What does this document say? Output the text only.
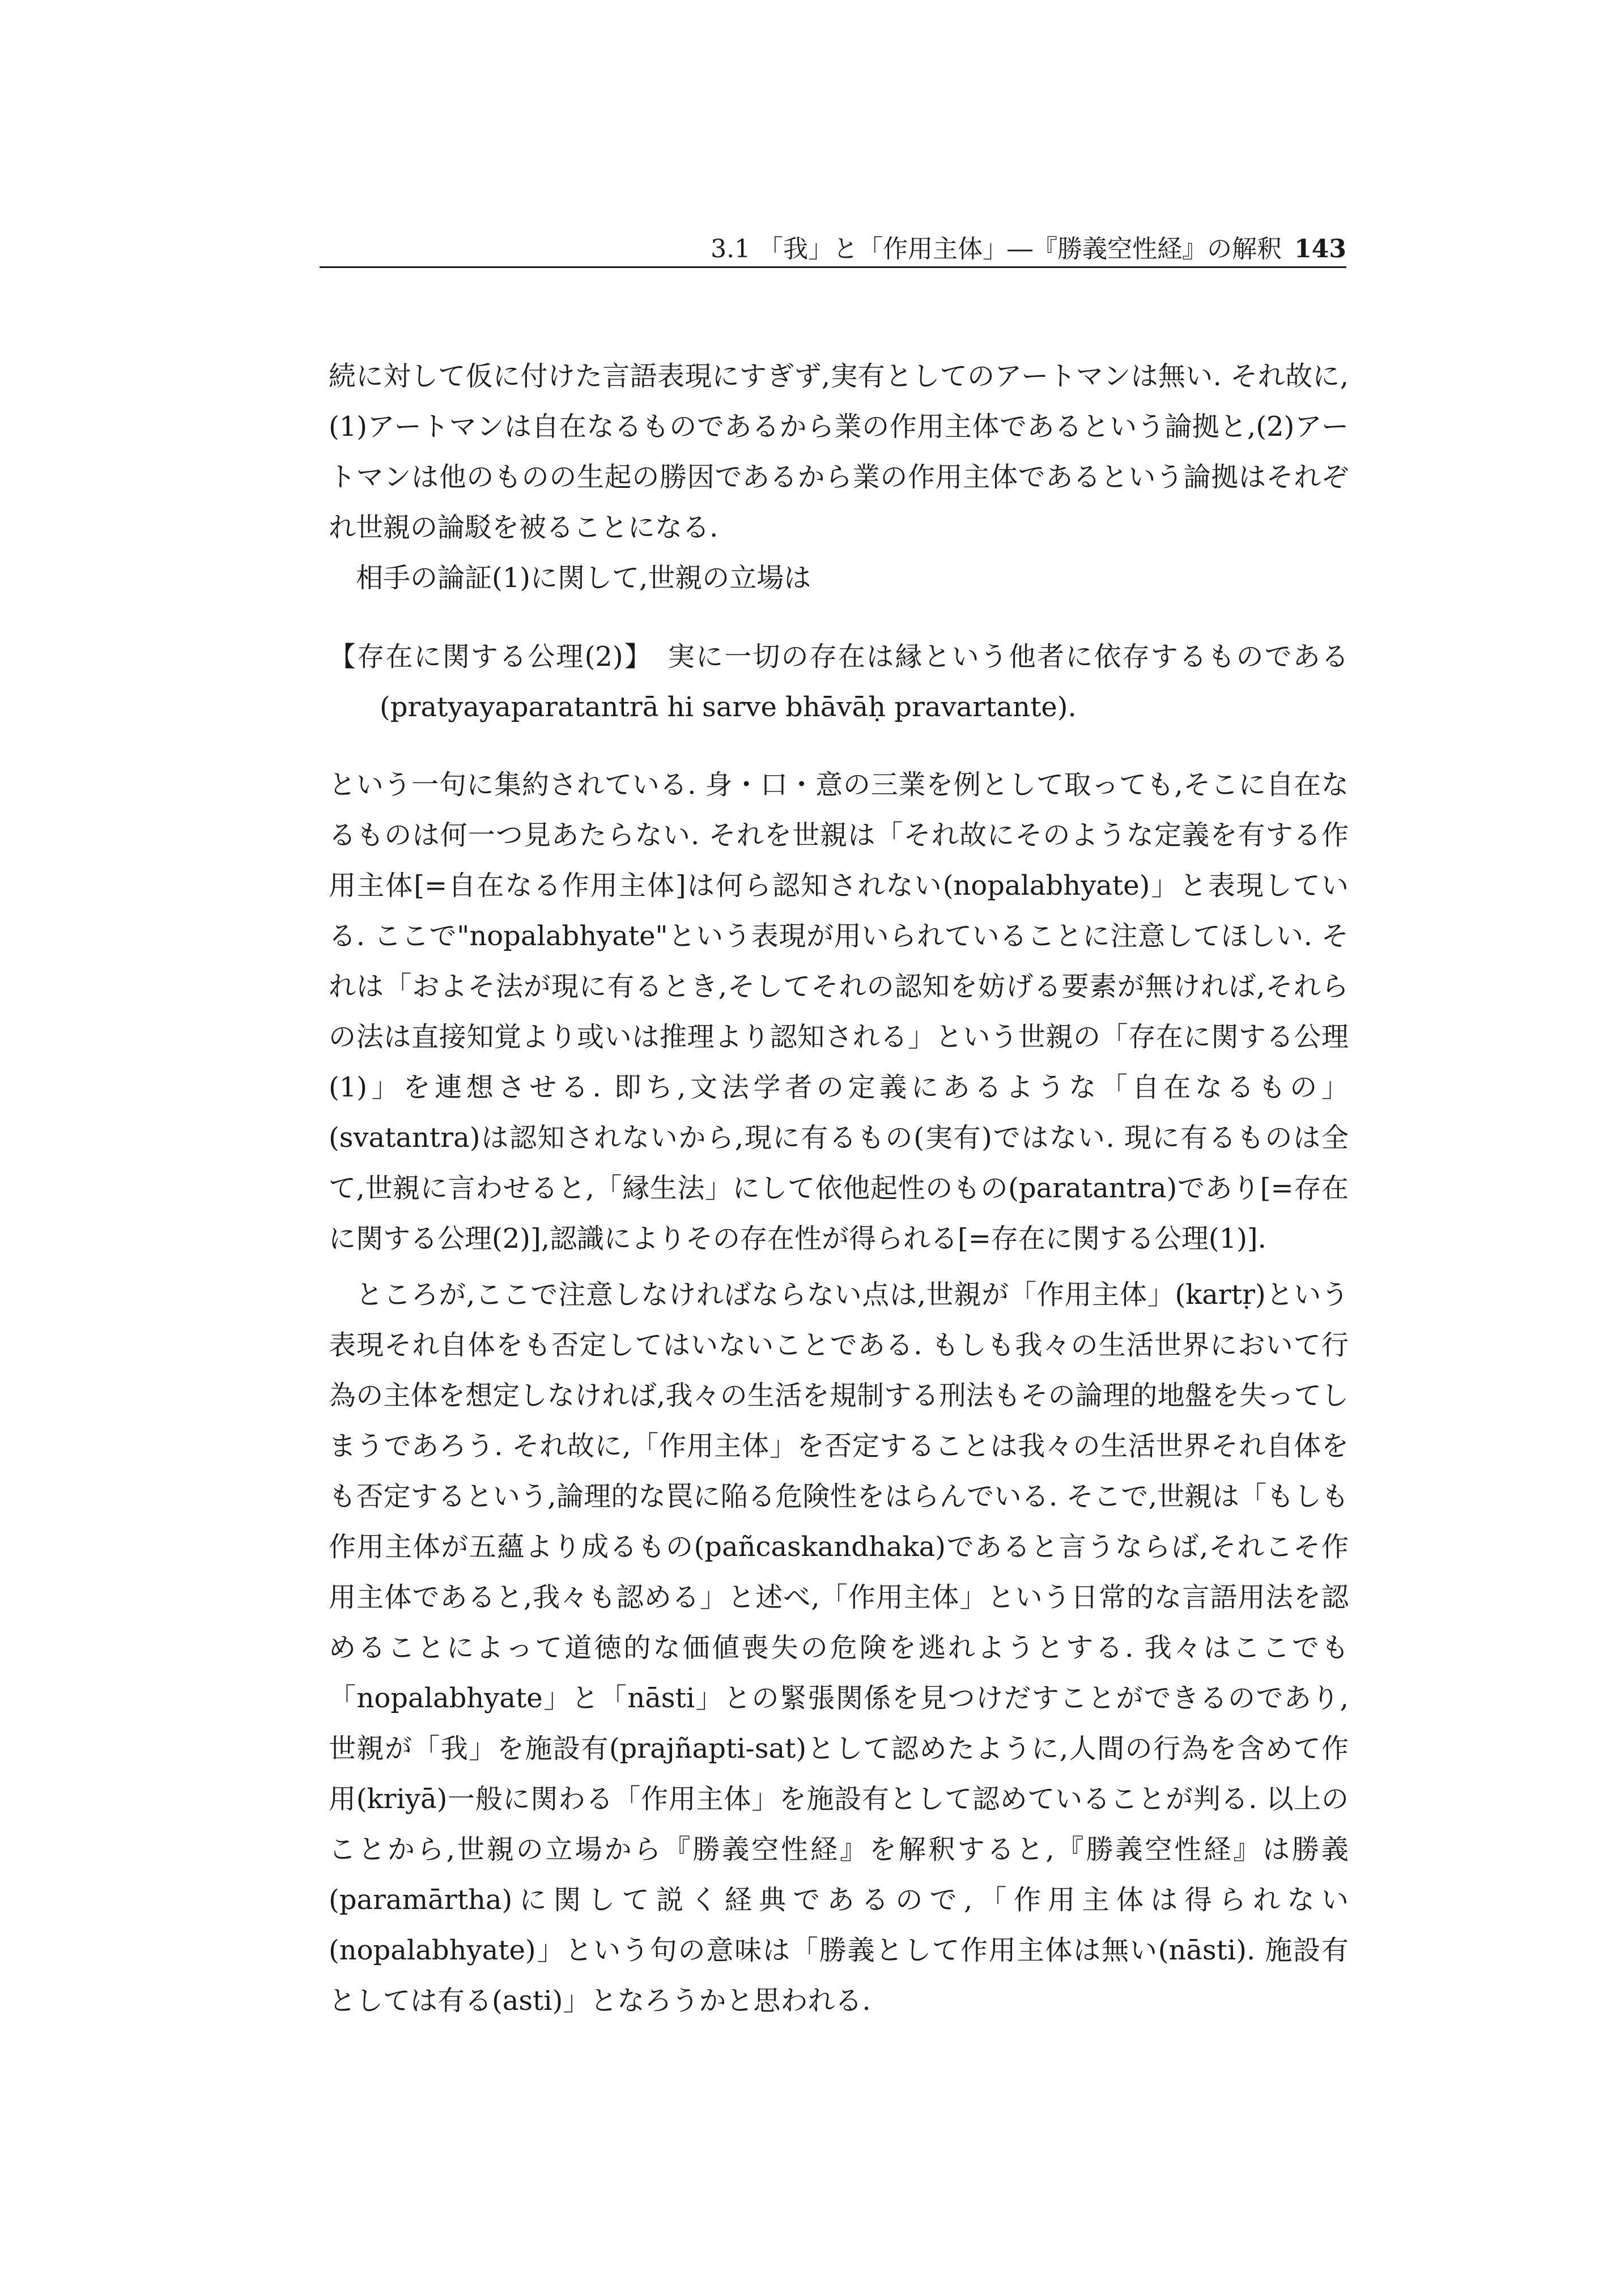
3.1 「我」と「作用主体」―『勝義空性経』の解釈 143

続に対して仮に付けた言語表現にすぎず,実有としてのアートマンは無い. それ故に,(1)アートマンは自在なるものであるから業の作用主体であるという論拠と,(2)アートマンは他のものの生起の勝因であるから業の作用主体であるという論拠はそれぞれ世親の論駁を被ることになる.

相手の論証(1)に関して,世親の立場は

【存在に関する公理(2)】 実に一切の存在は縁という他者に依存するものである(pratyayaparatantrā hi sarve bhāvāḥ pravartante).

という一句に集約されている. 身・口・意の三業を例として取っても,そこに自在なるものは何一つ見あたらない. それを世親は「それ故にそのような定義を有する作用主体[=自在なる作用主体]は何ら認知されない(nopalabhyate)」と表現している. ここで"nopalabhyate"という表現が用いられていることに注意してほしい. それは「およそ法が現に有るとき,そしてそれの認知を妨げる要素が無ければ,それらの法は直接知覚より或いは推理より認知される」という世親の「存在に関する公理(1)」を連想させる. 即ち,文法学者の定義にあるような「自在なるもの」(svatantra)は認知されないから,現に有るもの(実有)ではない. 現に有るものは全て,世親に言わせると,「縁生法」にして依他起性のもの(paratantra)であり[=存在に関する公理(2)],認識によりその存在性が得られる[=存在に関する公理(1)].

ところが,ここで注意しなければならない点は,世親が「作用主体」(kartṛ)という表現それ自体をも否定してはいないことである. もしも我々の生活世界において行為の主体を想定しなければ,我々の生活を規制する刑法もその論理的地盤を失ってしまうであろう. それ故に,「作用主体」を否定することは我々の生活世界それ自体をも否定するという,論理的な罠に陥る危険性をはらんでいる. そこで,世親は「もしも作用主体が五蘊より成るもの(pañcaskandhaka)であると言うならば,それこそ作用主体であると,我々も認める」と述べ,「作用主体」という日常的な言語用法を認めることによって道徳的な価値喪失の危険を逃れようとする. 我々はここでも「nopalabhyate」と「nāsti」との緊張関係を見つけだすことができるのであり,世親が「我」を施設有(prajñapti-sat)として認めたように,人間の行為を含めて作用(kriyā)一般に関わる「作用主体」を施設有として認めていることが判る. 以上のことから,世親の立場から『勝義空性経』を解釈すると,『勝義空性経』は勝義(paramārtha)に関して説く経典であるので,「作用主体は得られない(nopalabhyate)」という句の意味は「勝義として作用主体は無い(nāsti). 施設有としては有る(asti)」となろうかと思われる.
